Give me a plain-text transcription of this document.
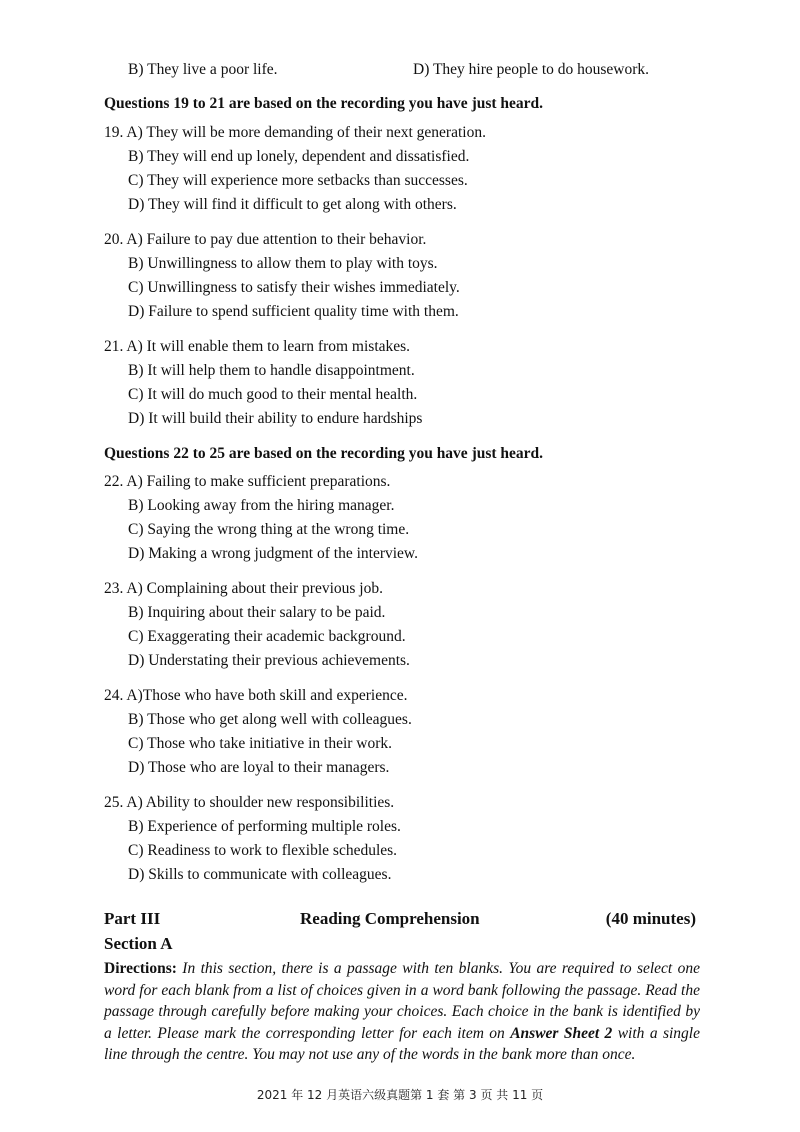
B) They live a poor life.	D) They hire people to do housework.
Questions 19 to 21 are based on the recording you have just heard.
19. A) They will be more demanding of their next generation.
B) They will end up lonely, dependent and dissatisfied.
C) They will experience more setbacks than successes.
D) They will find it difficult to get along with others.
20. A) Failure to pay due attention to their behavior.
B) Unwillingness to allow them to play with toys.
C) Unwillingness to satisfy their wishes immediately.
D) Failure to spend sufficient quality time with them.
21. A) It will enable them to learn from mistakes.
B) It will help them to handle disappointment.
C) It will do much good to their mental health.
D) It will build their ability to endure hardships
Questions 22 to 25 are based on the recording you have just heard.
22. A) Failing to make sufficient preparations.
B) Looking away from the hiring manager.
C) Saying the wrong thing at the wrong time.
D) Making a wrong judgment of the interview.
23. A) Complaining about their previous job.
B) Inquiring about their salary to be paid.
C) Exaggerating their academic background.
D) Understating their previous achievements.
24. A)Those who have both skill and experience.
B) Those who get along well with colleagues.
C) Those who take initiative in their work.
D) Those who are loyal to their managers.
25. A) Ability to shoulder new responsibilities.
B) Experience of performing multiple roles.
C) Readiness to work to flexible schedules.
D) Skills to communicate with colleagues.
Part III	Reading Comprehension	(40 minutes)
Section A
Directions: In this section, there is a passage with ten blanks. You are required to select one word for each blank from a list of choices given in a word bank following the passage. Read the passage through carefully before making your choices. Each choice in the bank is identified by a letter. Please mark the corresponding letter for each item on Answer Sheet 2 with a single line through the centre. You may not use any of the words in the bank more than once.
2021 年 12 月英语六级真题第 1 套 第 3 页 共 11 页
